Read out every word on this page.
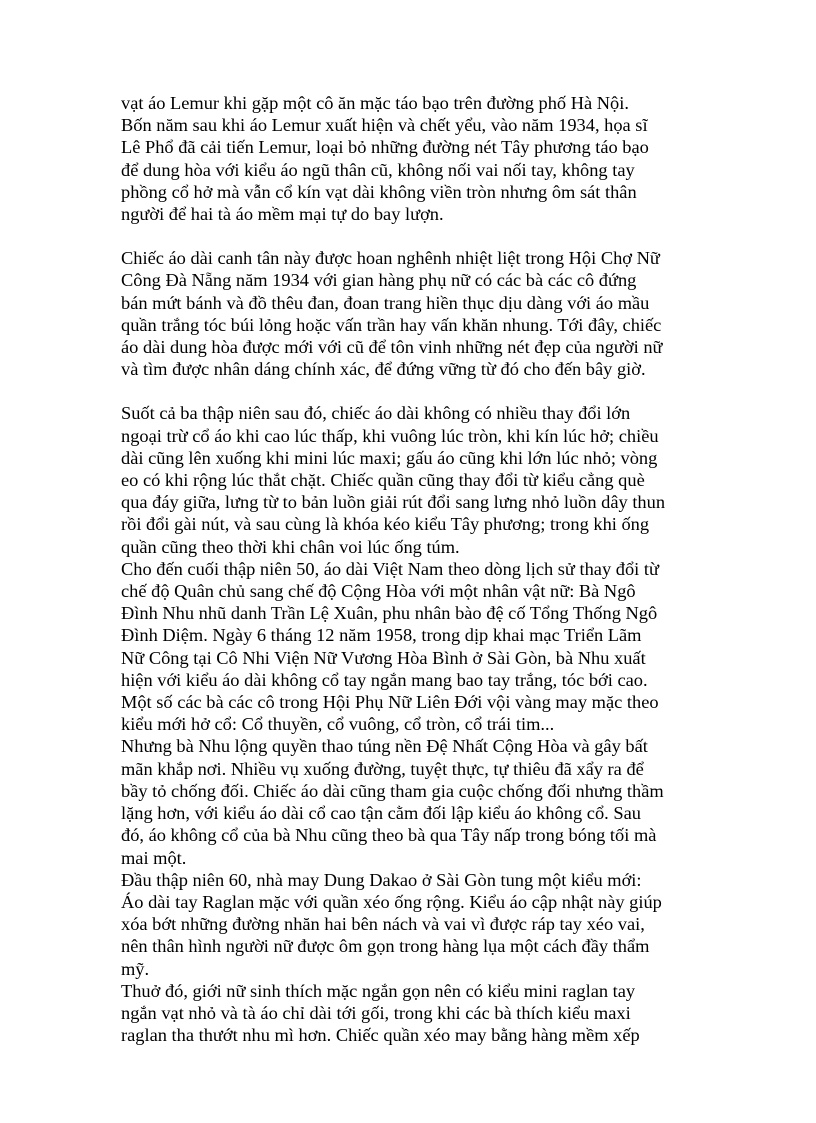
vạt áo Lemur khi gặp một cô ăn mặc táo bạo trên đường phố Hà Nội.
Bốn năm sau khi áo Lemur xuất hiện và chết yểu, vào năm 1934, họa sĩ
Lê Phổ đã cải tiến Lemur, loại bỏ những đường nét Tây phương táo bạo
để dung hòa với kiểu áo ngũ thân cũ, không nối vai nối tay, không tay
phồng cổ hở mà vẫn cổ kín vạt dài không viền tròn nhưng ôm sát thân
người để hai tà áo mềm mại tự do bay lượn.
Chiếc áo dài canh tân này được hoan nghênh nhiệt liệt trong Hội Chợ Nữ
Công Đà Nẵng năm 1934 với gian hàng phụ nữ có các bà các cô đứng
bán mứt bánh và đồ thêu đan, đoan trang hiền thục dịu dàng với áo mầu
quần trắng tóc búi lỏng hoặc vấn trần hay vấn khăn nhung. Tới đây, chiếc
áo dài dung hòa được mới với cũ để tôn vinh những nét đẹp của người nữ
và tìm được nhân dáng chính xác, để đứng vững từ đó cho đến bây giờ.
Suốt cả ba thập niên sau đó, chiếc áo dài không có nhiều thay đổi lớn
ngoại trừ cổ áo khi cao lúc thấp, khi vuông lúc tròn, khi kín lúc hở; chiều
dài cũng lên xuống khi mini lúc maxi; gấu áo cũng khi lớn lúc nhỏ; vòng
eo có khi rộng lúc thắt chặt. Chiếc quần cũng thay đổi từ kiểu cẳng què
qua đáy giữa, lưng từ to bản luồn giải rút đổi sang lưng nhỏ luồn dây thun
rồi đổi gài nút, và sau cùng là khóa kéo kiểu Tây phương; trong khi ống
quần cũng theo thời khi chân voi lúc ống túm.
Cho đến cuối thập niên 50, áo dài Việt Nam theo dòng lịch sử thay đổi từ
chế độ Quân chủ sang chế độ Cộng Hòa với một nhân vật nữ: Bà Ngô
Đình Nhu nhũ danh Trần Lệ Xuân, phu nhân bào đệ cố Tổng Thống Ngô
Đình Diệm. Ngày 6 tháng 12 năm 1958, trong dịp khai mạc Triển Lãm
Nữ Công tại Cô Nhi Viện Nữ Vương Hòa Bình ở Sài Gòn, bà Nhu xuất
hiện với kiểu áo dài không cổ tay ngắn mang bao tay trắng, tóc bới cao.
Một số các bà các cô trong Hội Phụ Nữ Liên Đới vội vàng may mặc theo
kiểu mới hở cổ: Cổ thuyền, cổ vuông, cổ tròn, cổ trái tim...
Nhưng bà Nhu lộng quyền thao túng nền Đệ Nhất Cộng Hòa và gây bất
mãn khắp nơi. Nhiều vụ xuống đường, tuyệt thực, tự thiêu đã xẩy ra để
bầy tỏ chống đối. Chiếc áo dài cũng tham gia cuộc chống đối nhưng thầm
lặng hơn, với kiểu áo dài cổ cao tận cằm đối lập kiểu áo không cổ. Sau
đó, áo không cổ của bà Nhu cũng theo bà qua Tây nấp trong bóng tối mà
mai một.
Đầu thập niên 60, nhà may Dung Dakao ở Sài Gòn tung một kiểu mới:
Áo dài tay Raglan mặc với quần xéo ống rộng. Kiểu áo cập nhật này giúp
xóa bớt những đường nhăn hai bên nách và vai vì được ráp tay xéo vai,
nên thân hình người nữ được ôm gọn trong hàng lụa một cách đầy thẩm
mỹ.
Thuở đó, giới nữ sinh thích mặc ngắn gọn nên có kiểu mini raglan tay
ngắn vạt nhỏ và tà áo chỉ dài tới gối, trong khi các bà thích kiểu maxi
raglan tha thướt nhu mì hơn. Chiếc quần xéo may bằng hàng mềm xếp
